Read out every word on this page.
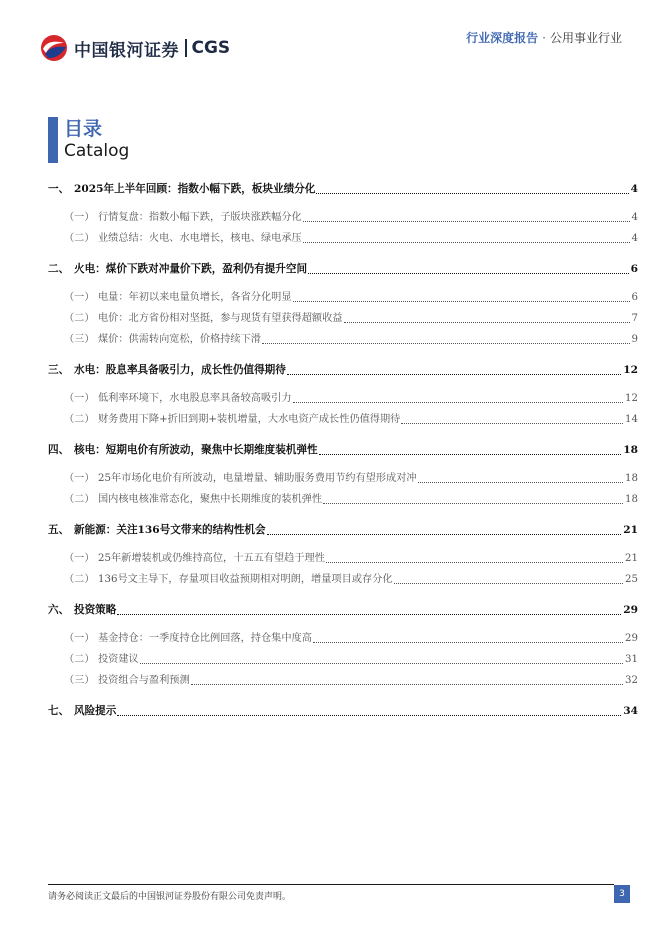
中国银河证券 CGS	行业深度报告 · 公用事业行业
目录
Catalog
一、 2025年上半年回顾：指数小幅下跌，板块业绩分化	4
（一） 行情复盘：指数小幅下跌，子版块涨跌幅分化	4
（二） 业绩总结：火电、水电增长，核电、绿电承压	4
二、 火电：煤价下跌对冲量价下跌，盈利仍有提升空间	6
（一） 电量：年初以来电量负增长，各省分化明显	6
（二） 电价：北方省份相对坚挺，参与现货有望获得超额收益	7
（三） 煤价：供需转向宽松，价格持续下滑	9
三、 水电：股息率具备吸引力，成长性仍值得期待	12
（一） 低利率环境下，水电股息率具备较高吸引力	12
（二） 财务费用下降+折旧到期+装机增量，大水电资产成长性仍值得期待	14
四、 核电：短期电价有所波动，聚焦中长期维度装机弹性	18
（一） 25年市场化电价有所波动，电量增量、辅助服务费用节约有望形成对冲	18
（二） 国内核电核准常态化，聚焦中长期维度的装机弹性	18
五、 新能源：关注136号文带来的结构性机会	21
（一） 25年新增装机或仍维持高位，十五五有望趋于理性	21
（二） 136号文主导下，存量项目收益预期相对明朗，增量项目或存分化	25
六、 投资策略	29
（一） 基金持仓：一季度持仓比例回落，持仓集中度高	29
（二） 投资建议	31
（三） 投资组合与盈利预测	32
七、 风险提示	34
请务必阅读正文最后的中国银河证券股份有限公司免责声明。	3
